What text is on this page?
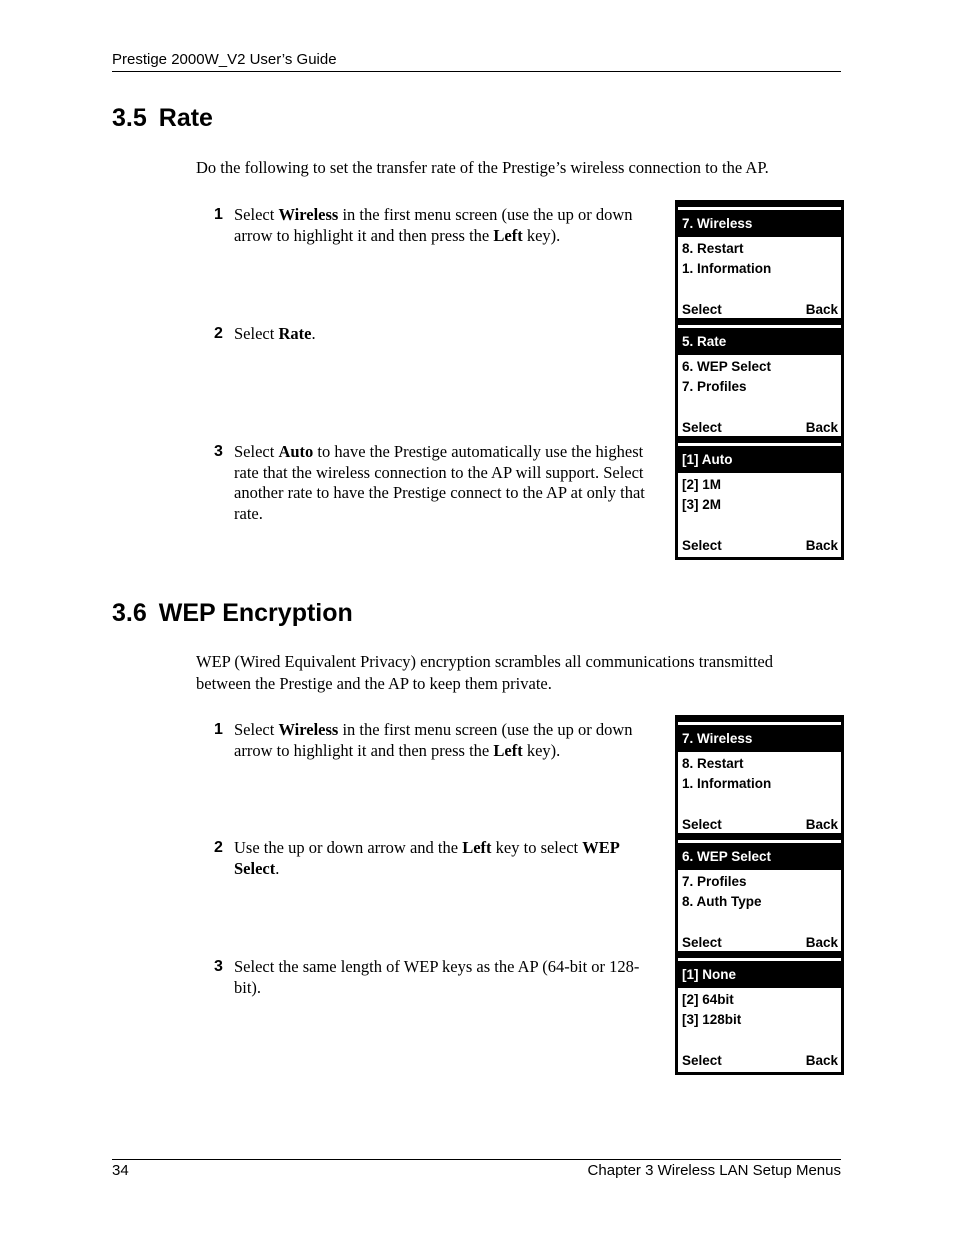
Prestige 2000W_V2 User’s Guide
3.5 Rate
Do the following to set the transfer rate of the Prestige’s wireless connection to the AP.
1 Select Wireless in the first menu screen (use the up or down arrow to highlight it and then press the Left key).
2 Select Rate.
3 Select Auto to have the Prestige automatically use the highest rate that the wireless connection to the AP will support. Select another rate to have the Prestige connect to the AP at only that rate.
7. Wireless
8. Restart
1. Information
Select	Back
5. Rate
6. WEP Select
7. Profiles
Select	Back
[1] Auto
[2] 1M
[3] 2M
Select	Back
3.6 WEP Encryption
WEP (Wired Equivalent Privacy) encryption scrambles all communications transmitted between the Prestige and the AP to keep them private.
1 Select Wireless in the first menu screen (use the up or down arrow to highlight it and then press the Left key).
2 Use the up or down arrow and the Left key to select WEP Select.
3 Select the same length of WEP keys as the AP (64-bit or 128-bit).
7. Wireless
8. Restart
1. Information
Select	Back
6. WEP Select
7. Profiles
8. Auth Type
Select	Back
[1] None
[2] 64bit
[3] 128bit
Select	Back
34	Chapter 3 Wireless LAN Setup Menus
